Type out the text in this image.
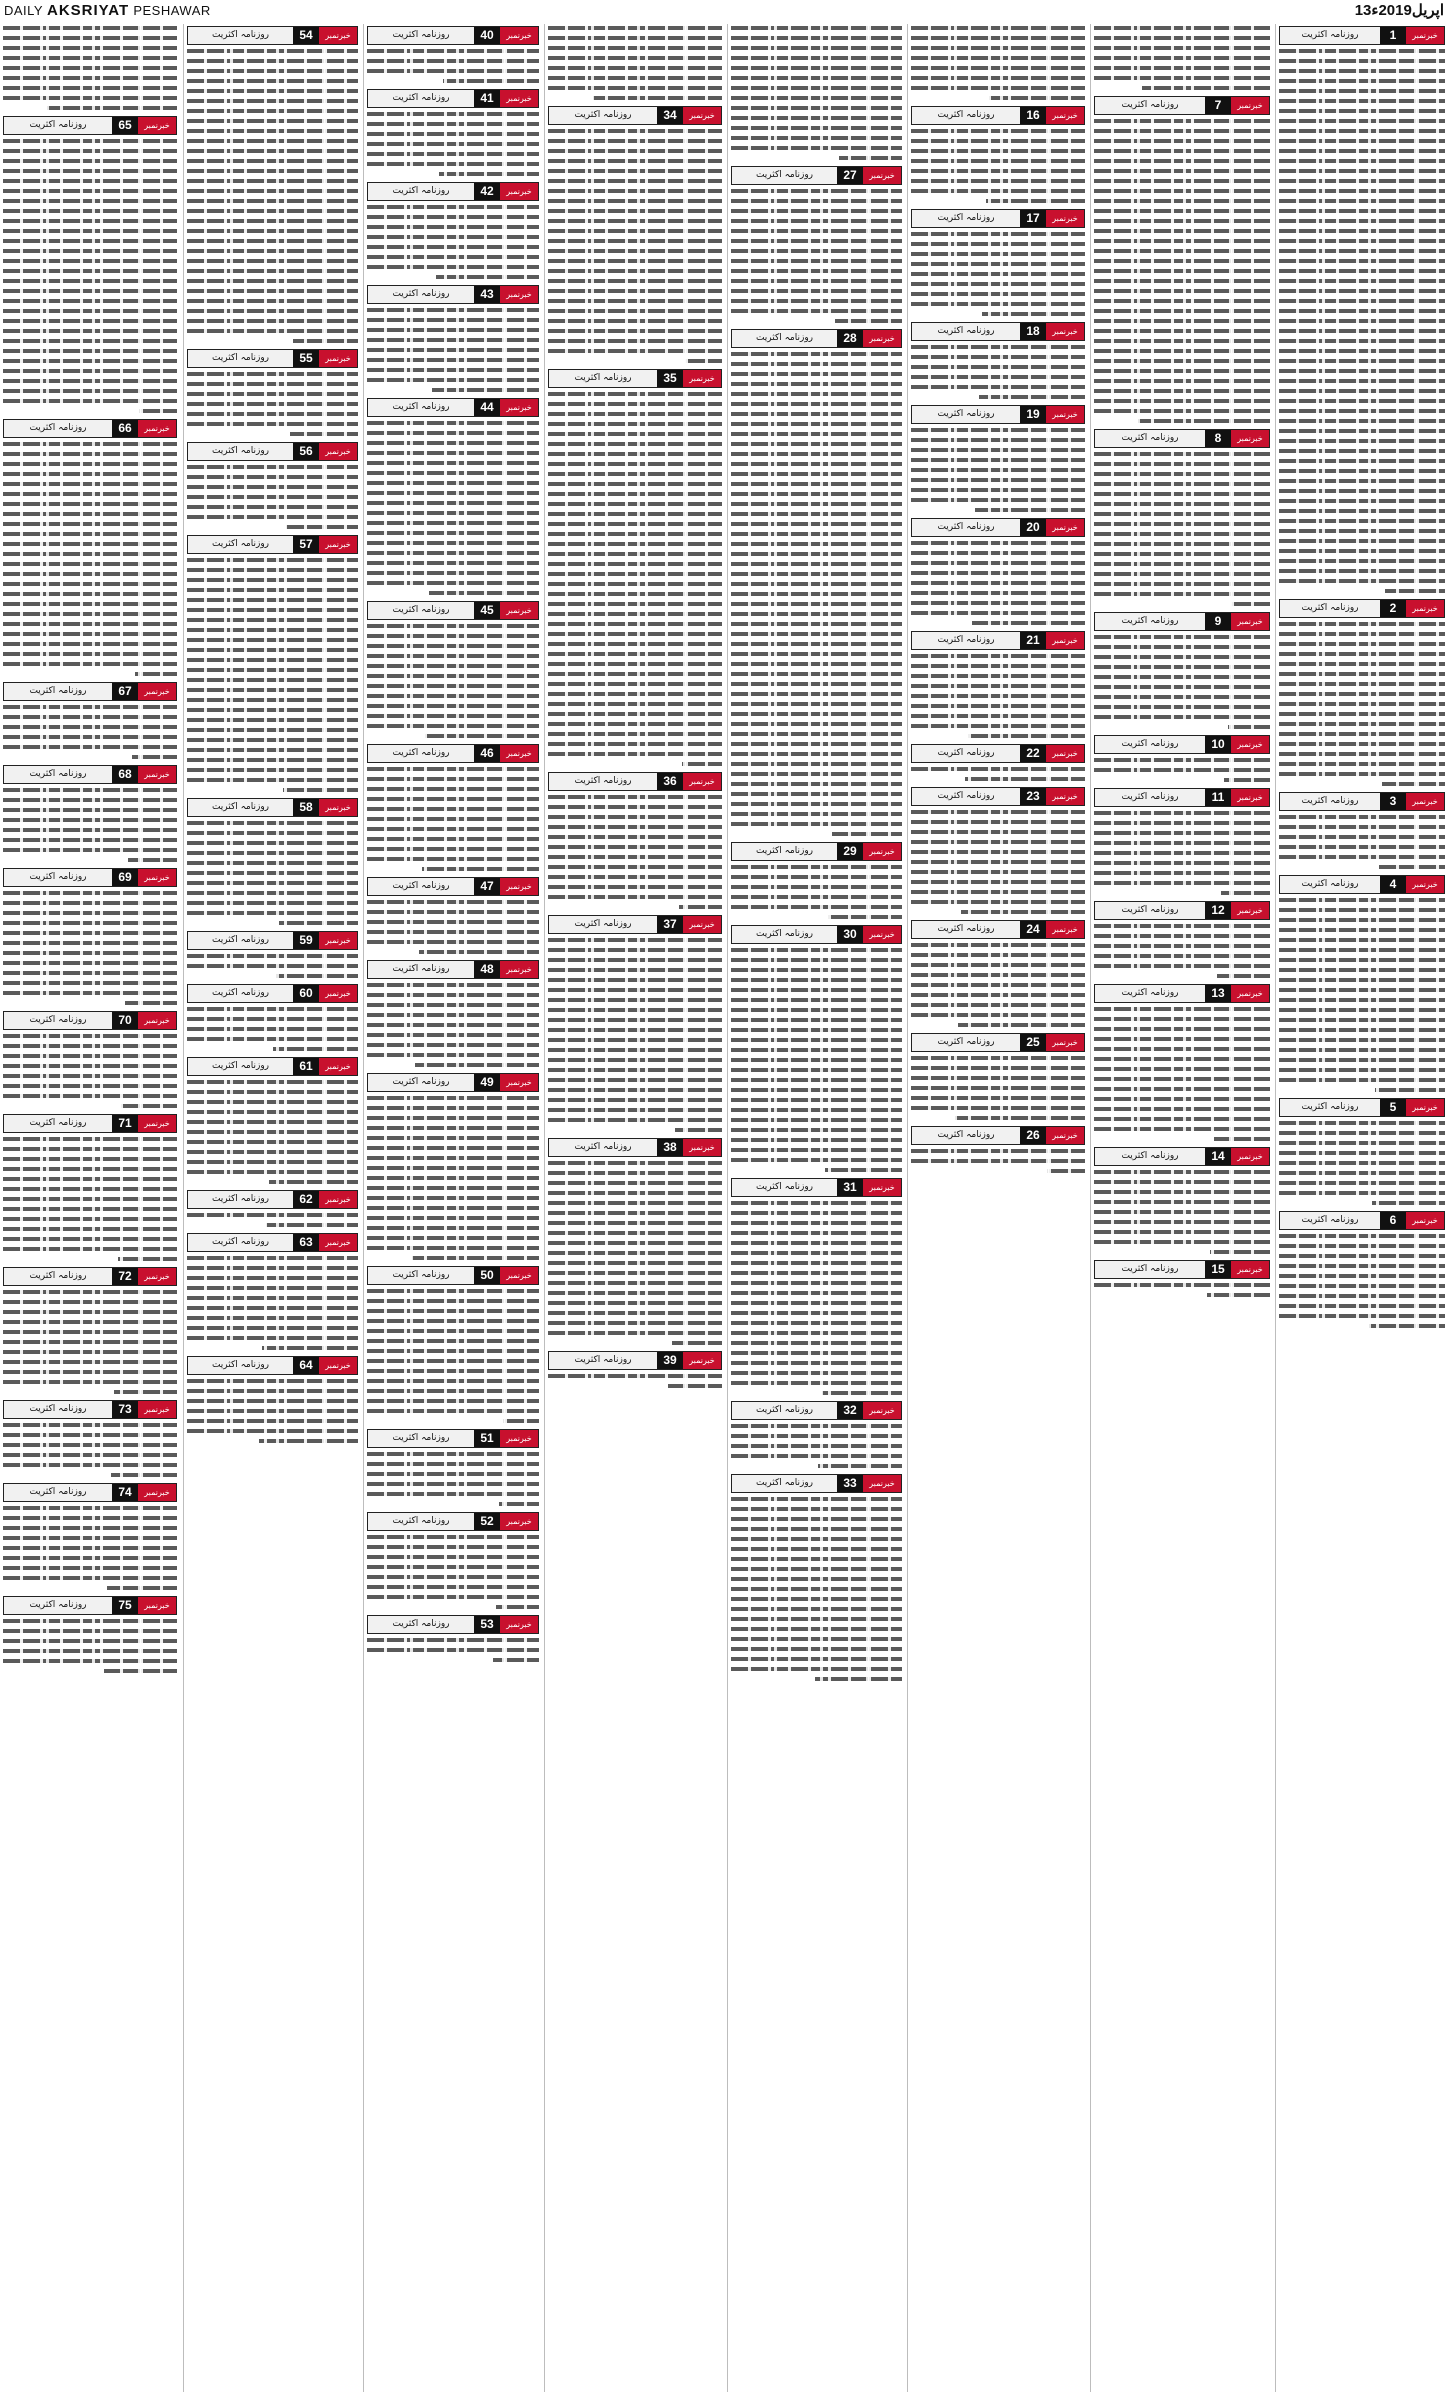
DAILY AKSRIYAT PESHAWAR	13اپریل2019ء
روزنامہ اکثریت	65	خبرنمبر
روزنامہ اکثریت	66	خبرنمبر
روزنامہ اکثریت	67	خبرنمبر
روزنامہ اکثریت	68	خبرنمبر
روزنامہ اکثریت	69	خبرنمبر
روزنامہ اکثریت	70	خبرنمبر
روزنامہ اکثریت	71	خبرنمبر
روزنامہ اکثریت	72	خبرنمبر
روزنامہ اکثریت	73	خبرنمبر
روزنامہ اکثریت	74	خبرنمبر
روزنامہ اکثریت	75	خبرنمبر
روزنامہ اکثریت	54	خبرنمبر
روزنامہ اکثریت	55	خبرنمبر
روزنامہ اکثریت	56	خبرنمبر
روزنامہ اکثریت	57	خبرنمبر
روزنامہ اکثریت	58	خبرنمبر
روزنامہ اکثریت	59	خبرنمبر
روزنامہ اکثریت	60	خبرنمبر
روزنامہ اکثریت	61	خبرنمبر
روزنامہ اکثریت	62	خبرنمبر
روزنامہ اکثریت	63	خبرنمبر
روزنامہ اکثریت	64	خبرنمبر
روزنامہ اکثریت	40	خبرنمبر
روزنامہ اکثریت	41	خبرنمبر
روزنامہ اکثریت	42	خبرنمبر
روزنامہ اکثریت	43	خبرنمبر
روزنامہ اکثریت	44	خبرنمبر
روزنامہ اکثریت	45	خبرنمبر
روزنامہ اکثریت	46	خبرنمبر
روزنامہ اکثریت	47	خبرنمبر
روزنامہ اکثریت	48	خبرنمبر
روزنامہ اکثریت	49	خبرنمبر
روزنامہ اکثریت	50	خبرنمبر
روزنامہ اکثریت	51	خبرنمبر
روزنامہ اکثریت	52	خبرنمبر
روزنامہ اکثریت	53	خبرنمبر
روزنامہ اکثریت	34	خبرنمبر
روزنامہ اکثریت	35	خبرنمبر
روزنامہ اکثریت	36	خبرنمبر
روزنامہ اکثریت	37	خبرنمبر
روزنامہ اکثریت	38	خبرنمبر
روزنامہ اکثریت	39	خبرنمبر
روزنامہ اکثریت	27	خبرنمبر
روزنامہ اکثریت	28	خبرنمبر
روزنامہ اکثریت	29	خبرنمبر
روزنامہ اکثریت	30	خبرنمبر
روزنامہ اکثریت	31	خبرنمبر
روزنامہ اکثریت	32	خبرنمبر
روزنامہ اکثریت	33	خبرنمبر
روزنامہ اکثریت	16	خبرنمبر
روزنامہ اکثریت	17	خبرنمبر
روزنامہ اکثریت	18	خبرنمبر
روزنامہ اکثریت	19	خبرنمبر
روزنامہ اکثریت	20	خبرنمبر
روزنامہ اکثریت	21	خبرنمبر
روزنامہ اکثریت	22	خبرنمبر
روزنامہ اکثریت	23	خبرنمبر
روزنامہ اکثریت	24	خبرنمبر
روزنامہ اکثریت	25	خبرنمبر
روزنامہ اکثریت	26	خبرنمبر
روزنامہ اکثریت	7	خبرنمبر
روزنامہ اکثریت	8	خبرنمبر
روزنامہ اکثریت	9	خبرنمبر
روزنامہ اکثریت	10	خبرنمبر
روزنامہ اکثریت	11	خبرنمبر
روزنامہ اکثریت	12	خبرنمبر
روزنامہ اکثریت	13	خبرنمبر
روزنامہ اکثریت	14	خبرنمبر
روزنامہ اکثریت	15	خبرنمبر
روزنامہ اکثریت	1	خبرنمبر
روزنامہ اکثریت	2	خبرنمبر
روزنامہ اکثریت	3	خبرنمبر
روزنامہ اکثریت	4	خبرنمبر
روزنامہ اکثریت	5	خبرنمبر
روزنامہ اکثریت	6	خبرنمبر
